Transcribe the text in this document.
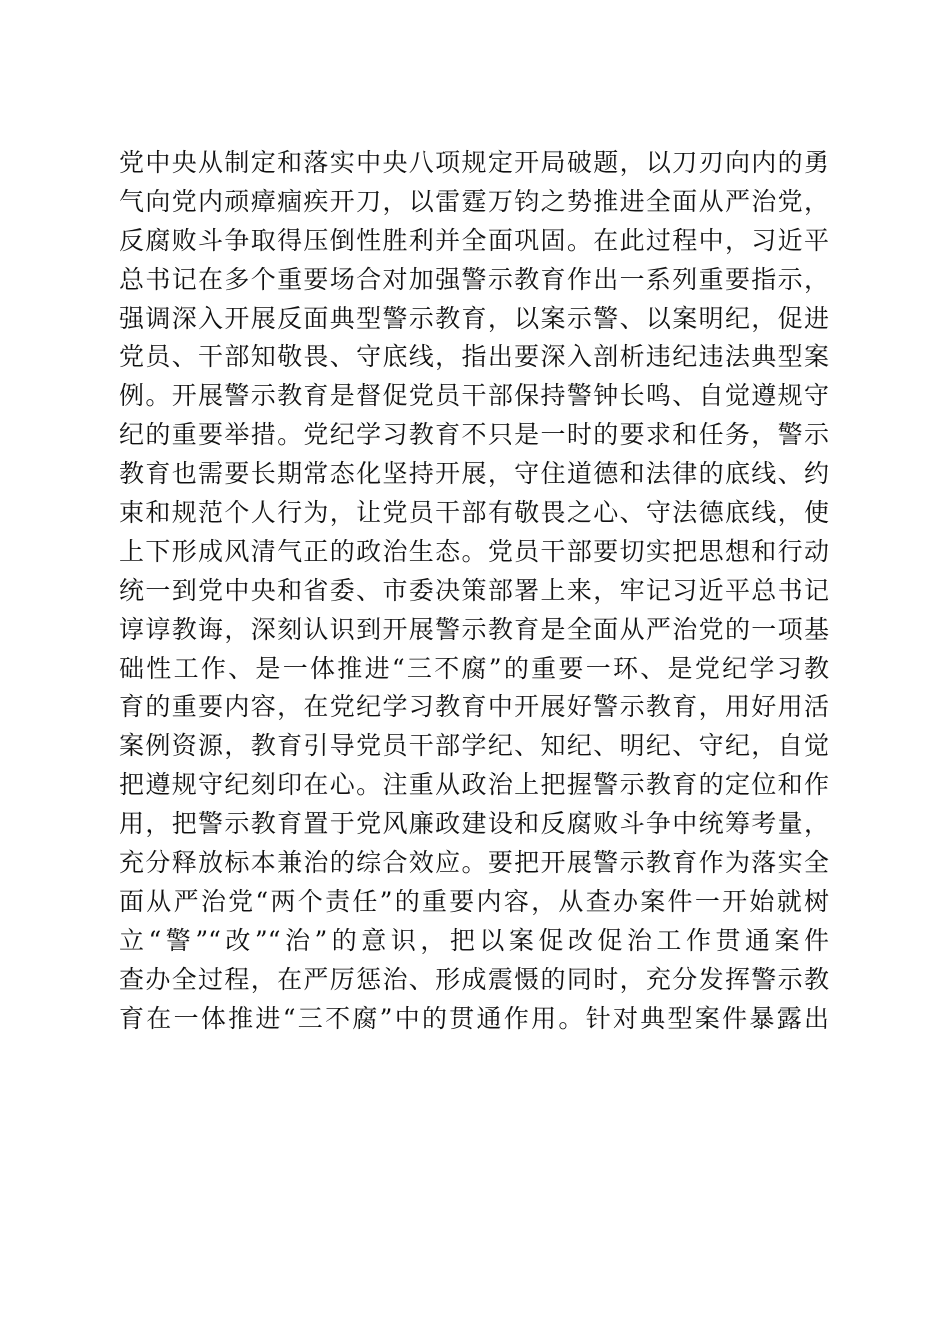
党中央从制定和落实中央八项规定开局破题，以刀刃向内的勇
气向党内顽瘴痼疾开刀，以雷霆万钧之势推进全面从严治党，
反腐败斗争取得压倒性胜利并全面巩固。在此过程中，习近平
总书记在多个重要场合对加强警示教育作出一系列重要指示，
强调深入开展反面典型警示教育，以案示警、以案明纪，促进
党员、干部知敬畏、守底线，指出要深入剖析违纪违法典型案
例。开展警示教育是督促党员干部保持警钟长鸣、自觉遵规守
纪的重要举措。党纪学习教育不只是一时的要求和任务，警示
教育也需要长期常态化坚持开展，守住道德和法律的底线、约
束和规范个人行为，让党员干部有敬畏之心、守法德底线，使
上下形成风清气正的政治生态。党员干部要切实把思想和行动
统一到党中央和省委、市委决策部署上来，牢记习近平总书记
谆谆教诲，深刻认识到开展警示教育是全面从严治党的一项基
础性工作、是一体推进“三不腐”的重要一环、是党纪学习教
育的重要内容，在党纪学习教育中开展好警示教育，用好用活
案例资源，教育引导党员干部学纪、知纪、明纪、守纪，自觉
把遵规守纪刻印在心。注重从政治上把握警示教育的定位和作
用，把警示教育置于党风廉政建设和反腐败斗争中统筹考量，
充分释放标本兼治的综合效应。要把开展警示教育作为落实全
面从严治党“两个责任”的重要内容，从查办案件一开始就树
立“警”“改”“治”的意识，把以案促改促治工作贯通案件
查办全过程，在严厉惩治、形成震慑的同时，充分发挥警示教
育在一体推进“三不腐”中的贯通作用。针对典型案件暴露出
